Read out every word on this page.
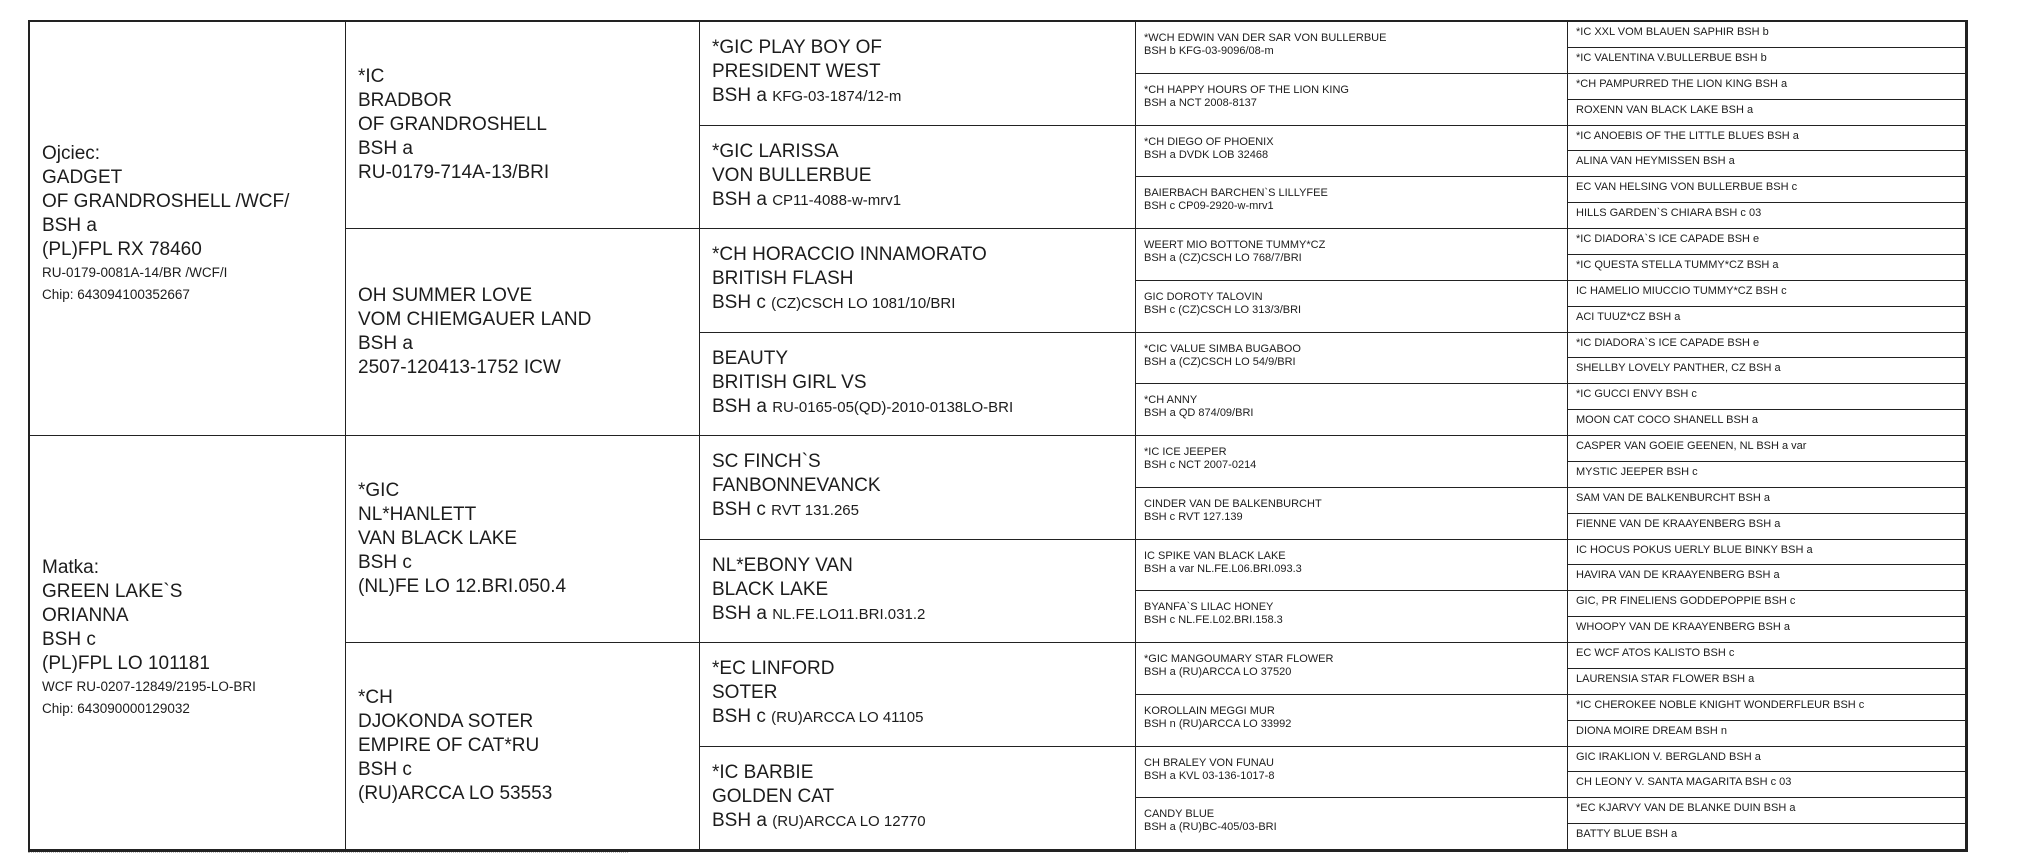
Ojciec:
GADGET
OF GRANDROSHELL /WCF/
BSH a
(PL)FPL RX 78460
RU-0179-0081A-14/BR /WCF/I
Chip: 643094100352667
Matka:
GREEN LAKE`S
ORIANNA
BSH c
(PL)FPL LO 101181
WCF RU-0207-12849/2195-LO-BRI
Chip: 643090000129032
*IC
BRADBOR
OF GRANDROSHELL
BSH a
RU-0179-714A-13/BRI
OH SUMMER LOVE
VOM CHIEMGAUER LAND
BSH a
2507-120413-1752 ICW
*GIC
NL*HANLETT
VAN BLACK LAKE
BSH c
(NL)FE LO 12.BRI.050.4
*CH
DJOKONDA SOTER
EMPIRE OF CAT*RU
BSH c
(RU)ARCCA LO 53553
*GIC PLAY BOY OF
PRESIDENT WEST
BSH a KFG-03-1874/12-m
*GIC LARISSA
VON BULLERBUE
BSH a CP11-4088-w-mrv1
*CH HORACCIO INNAMORATO
BRITISH FLASH
BSH c (CZ)CSCH LO 1081/10/BRI
BEAUTY
BRITISH GIRL VS
BSH a RU-0165-05(QD)-2010-0138LO-BRI
SC FINCH`S
FANBONNEVANCK
BSH c RVT 131.265
NL*EBONY VAN
BLACK LAKE
BSH a NL.FE.LO11.BRI.031.2
*EC LINFORD
SOTER
BSH c (RU)ARCCA LO 41105
*IC BARBIE
GOLDEN CAT
BSH a (RU)ARCCA LO 12770
*WCH EDWIN VAN DER SAR VON BULLERBUE
BSH b KFG-03-9096/08-m
*CH HAPPY HOURS OF THE LION KING
BSH a NCT 2008-8137
*CH DIEGO OF PHOENIX
BSH a DVDK LOB 32468
BAIERBACH BARCHEN`S LILLYFEE
BSH c CP09-2920-w-mrv1
WEERT MIO BOTTONE TUMMY*CZ
BSH a (CZ)CSCH LO 768/7/BRI
GIC DOROTY TALOVIN
BSH c (CZ)CSCH LO 313/3/BRI
*CIC VALUE SIMBA BUGABOO
BSH a (CZ)CSCH LO 54/9/BRI
*CH ANNY
BSH a QD 874/09/BRI
*IC ICE JEEPER
BSH c NCT 2007-0214
CINDER VAN DE BALKENBURCHT
BSH c RVT 127.139
IC SPIKE VAN BLACK LAKE
BSH a var NL.FE.L06.BRI.093.3
BYANFA`S LILAC HONEY
BSH c NL.FE.L02.BRI.158.3
*GIC MANGOUMARY STAR FLOWER
BSH a (RU)ARCCA LO 37520
KOROLLAIN MEGGI MUR
BSH n (RU)ARCCA LO 33992
CH BRALEY VON FUNAU
BSH a KVL 03-136-1017-8
CANDY BLUE
BSH a (RU)BC-405/03-BRI
*IC XXL VOM BLAUEN SAPHIR BSH b
*IC VALENTINA V.BULLERBUE BSH b
*CH PAMPURRED THE LION KING BSH a
ROXENN VAN BLACK LAKE BSH a
*IC ANOEBIS OF THE LITTLE BLUES BSH a
ALINA VAN HEYMISSEN BSH a
EC VAN HELSING VON BULLERBUE BSH c
HILLS GARDEN`S CHIARA BSH c 03
*IC DIADORA`S ICE CAPADE BSH e
*IC QUESTA STELLA TUMMY*CZ BSH a
IC HAMELIO MIUCCIO TUMMY*CZ BSH c
ACI TUUZ*CZ BSH a
*IC DIADORA`S ICE CAPADE BSH e
SHELLBY LOVELY PANTHER, CZ BSH a
*IC GUCCI ENVY BSH c
MOON CAT COCO SHANELL BSH a
CASPER VAN GOEIE GEENEN, NL BSH a var
MYSTIC JEEPER BSH c
SAM VAN DE BALKENBURCHT BSH a
FIENNE VAN DE KRAAYENBERG BSH a
IC HOCUS POKUS UERLY BLUE BINKY BSH a
HAVIRA VAN DE KRAAYENBERG BSH a
GIC, PR FINELIENS GODDEPOPPIE BSH c
WHOOPY VAN DE KRAAYENBERG BSH a
EC WCF ATOS KALISTO BSH c
LAURENSIA STAR FLOWER BSH a
*IC CHEROKEE NOBLE KNIGHT WONDERFLEUR BSH c
DIONA MOIRE DREAM BSH n
GIC IRAKLION V. BERGLAND BSH a
CH LEONY V. SANTA MAGARITA BSH c 03
*EC KJARVY VAN DE BLANKE DUIN BSH a
BATTY BLUE BSH a
